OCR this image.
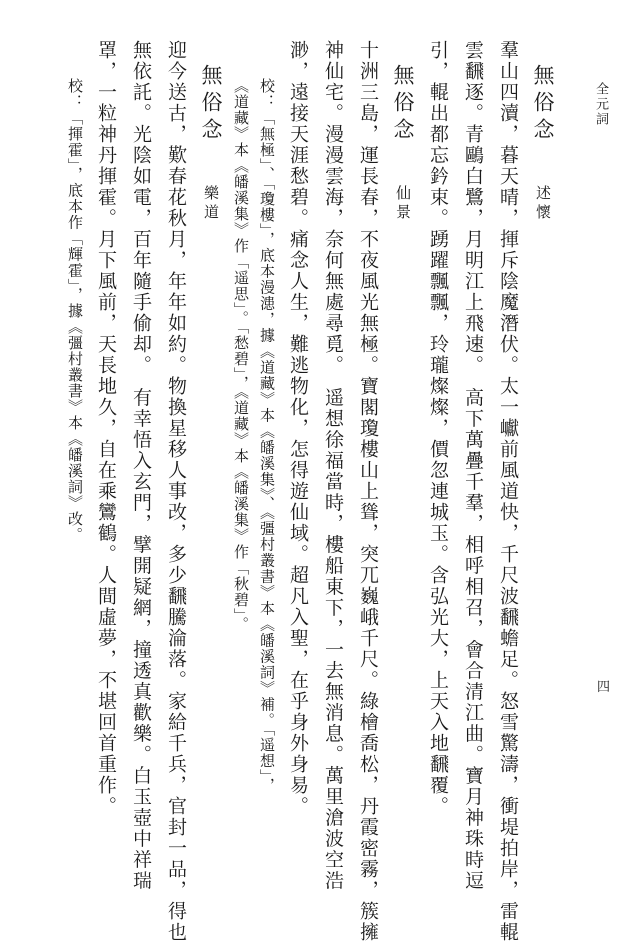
全元詞
四
無俗念述懷
羣山四瀆，暮天晴，揮斥陰魔潛伏。太一巘前風道快，千尺波飜蟾足。怒雪驚濤，衝堤拍岸，雷輥
雲飜逐。青鷗白鷺，月明江上飛速。　高下萬疊千羣，相呼相召，會合清江曲。寶月神珠時逗
引，輥出都忘鈐束。踴躍飄飄，玲瓏燦燦，價忽連城玉。含弘光大，上天入地飜覆。
無俗念仙景
十洲三島，運長春，不夜風光無極。寶閣瓊樓山上聳，突兀巍峨千尺。綠檜喬松，丹霞密霧，簇擁
神仙宅。漫漫雲海，奈何無處尋覓。　遥想徐福當時，樓船東下，一去無消息。萬里滄波空浩
渺，遠接天涯愁碧。痛念人生，難逃物化，怎得遊仙域。超凡入聖，在乎身外身易。
校：「無極」、「瓊樓」，底本漫漶，據《道藏》本《皤溪集》、《彊村叢書》本《皤溪詞》補。「遥想」，
《道藏》本《皤溪集》作「遥思」。「愁碧」，《道藏》本《皤溪集》作「秋碧」。
無俗念樂道
迎今送古，歎春花秋月，年年如約。物換星移人事改，多少飜騰淪落。家給千兵，官封一品，得也
無依託。光陰如電，百年隨手偷却。　有幸悟入玄門，擘開疑網，撞透真歡樂。白玉壺中祥瑞
罩，一粒神丹揮霍。月下風前，天長地久，自在乘鸞鶴。人間虛夢，不堪回首重作。
校：「揮霍」，底本作「輝霍」，據《彊村叢書》本《皤溪詞》改。
